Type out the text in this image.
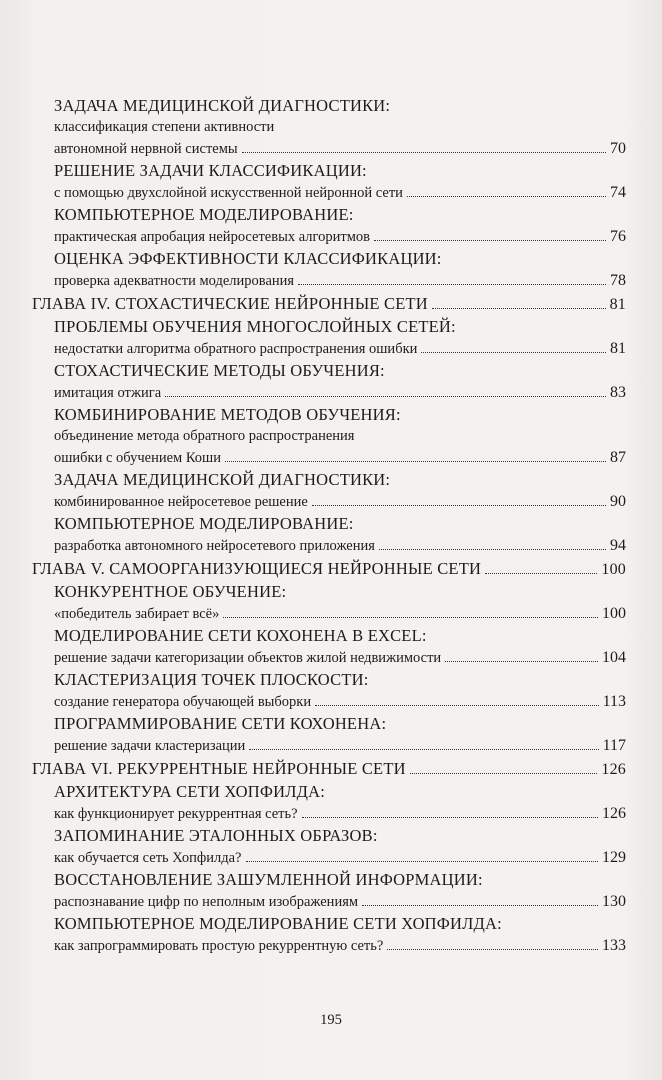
ЗАДАЧА МЕДИЦИНСКОЙ ДИАГНОСТИКИ:
классификация степени активности
автономной нервной системы	70
РЕШЕНИЕ ЗАДАЧИ КЛАССИФИКАЦИИ:
с помощью двухслойной искусственной нейронной сети	74
КОМПЬЮТЕРНОЕ МОДЕЛИРОВАНИЕ:
практическая апробация нейросетевых алгоритмов	76
ОЦЕНКА ЭФФЕКТИВНОСТИ КЛАССИФИКАЦИИ:
проверка адекватности моделирования	78
ГЛАВА IV. СТОХАСТИЧЕСКИЕ НЕЙРОННЫЕ СЕТИ	81
ПРОБЛЕМЫ ОБУЧЕНИЯ МНОГОСЛОЙНЫХ СЕТЕЙ:
недостатки алгоритма обратного распространения ошибки	81
СТОХАСТИЧЕСКИЕ МЕТОДЫ ОБУЧЕНИЯ:
имитация отжига	83
КОМБИНИРОВАНИЕ МЕТОДОВ ОБУЧЕНИЯ:
объединение метода обратного распространения
ошибки с обучением Коши	87
ЗАДАЧА МЕДИЦИНСКОЙ ДИАГНОСТИКИ:
комбинированное нейросетевое решение	90
КОМПЬЮТЕРНОЕ МОДЕЛИРОВАНИЕ:
разработка автономного нейросетевого приложения	94
ГЛАВА V. САМООРГАНИЗУЮЩИЕСЯ НЕЙРОННЫЕ СЕТИ	100
КОНКУРЕНТНОЕ ОБУЧЕНИЕ:
«победитель забирает всё»	100
МОДЕЛИРОВАНИЕ СЕТИ КОХОНЕНА В EXCEL:
решение задачи категоризации объектов жилой недвижимости	104
КЛАСТЕРИЗАЦИЯ ТОЧЕК ПЛОСКОСТИ:
создание генератора обучающей выборки	113
ПРОГРАММИРОВАНИЕ СЕТИ КОХОНЕНА:
решение задачи кластеризации	117
ГЛАВА VI. РЕКУРРЕНТНЫЕ НЕЙРОННЫЕ СЕТИ	126
АРХИТЕКТУРА СЕТИ ХОПФИЛДА:
как функционирует рекуррентная сеть?	126
ЗАПОМИНАНИЕ ЭТАЛОННЫХ ОБРАЗОВ:
как обучается сеть Хопфилда?	129
ВОССТАНОВЛЕНИЕ ЗАШУМЛЕННОЙ ИНФОРМАЦИИ:
распознавание цифр по неполным изображениям	130
КОМПЬЮТЕРНОЕ МОДЕЛИРОВАНИЕ СЕТИ ХОПФИЛДА:
как запрограммировать простую рекуррентную сеть?	133
195
